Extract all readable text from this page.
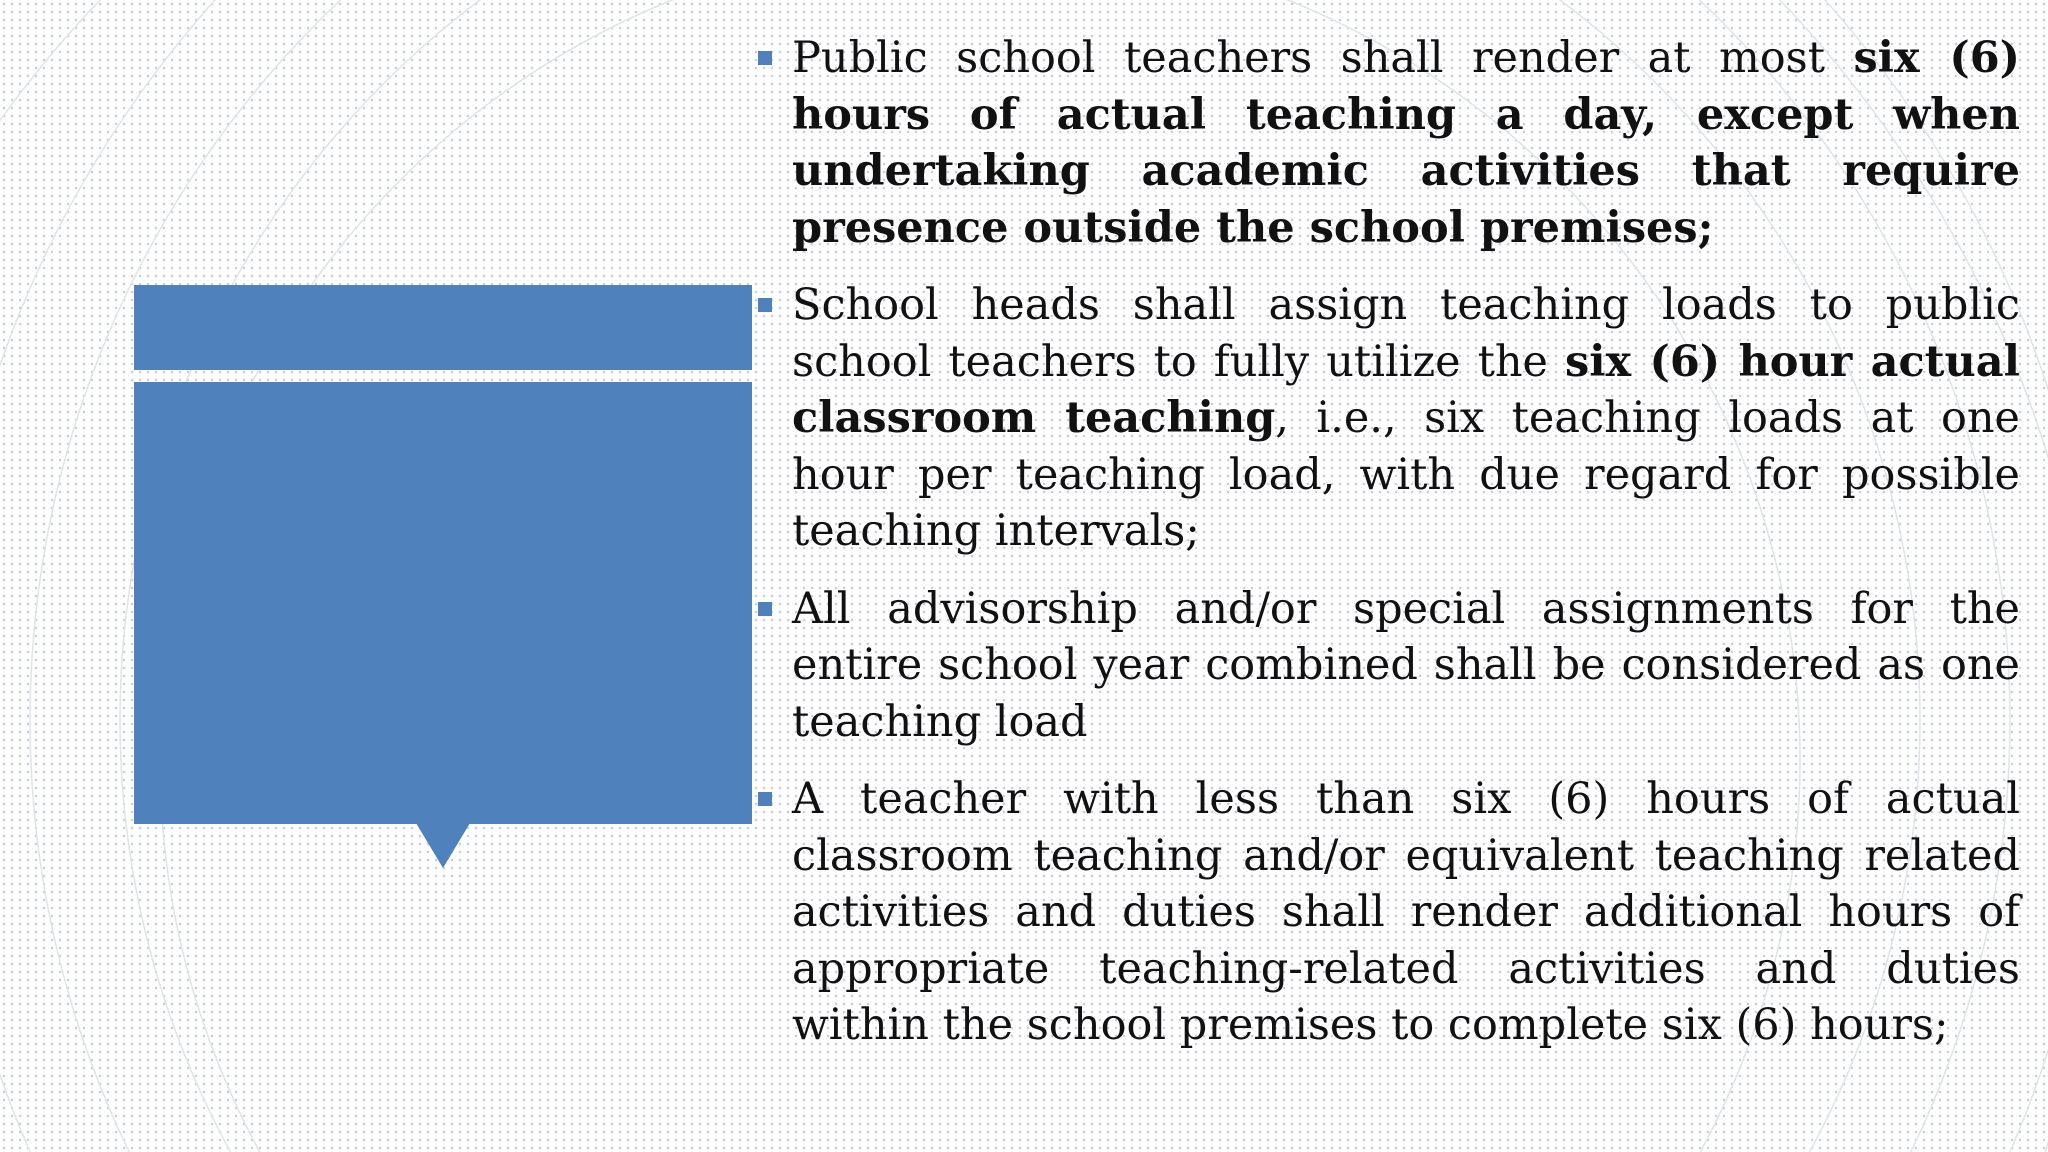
Public school teachers shall render at most six (6) hours of actual teaching a day, except when undertaking academic activities that require presence outside the school premises;
School heads shall assign teaching loads to public school teachers to fully utilize the six (6) hour actual classroom teaching, i.e., six teaching loads at one hour per teaching load, with due regard for possible teaching intervals;
All advisorship and/or special assignments for the entire school year combined shall be considered as one teaching load
A teacher with less than six (6) hours of actual classroom teaching and/or equivalent teaching related activities and duties shall render additional hours of appropriate teaching-related activities and duties within the school premises to complete six (6) hours;
